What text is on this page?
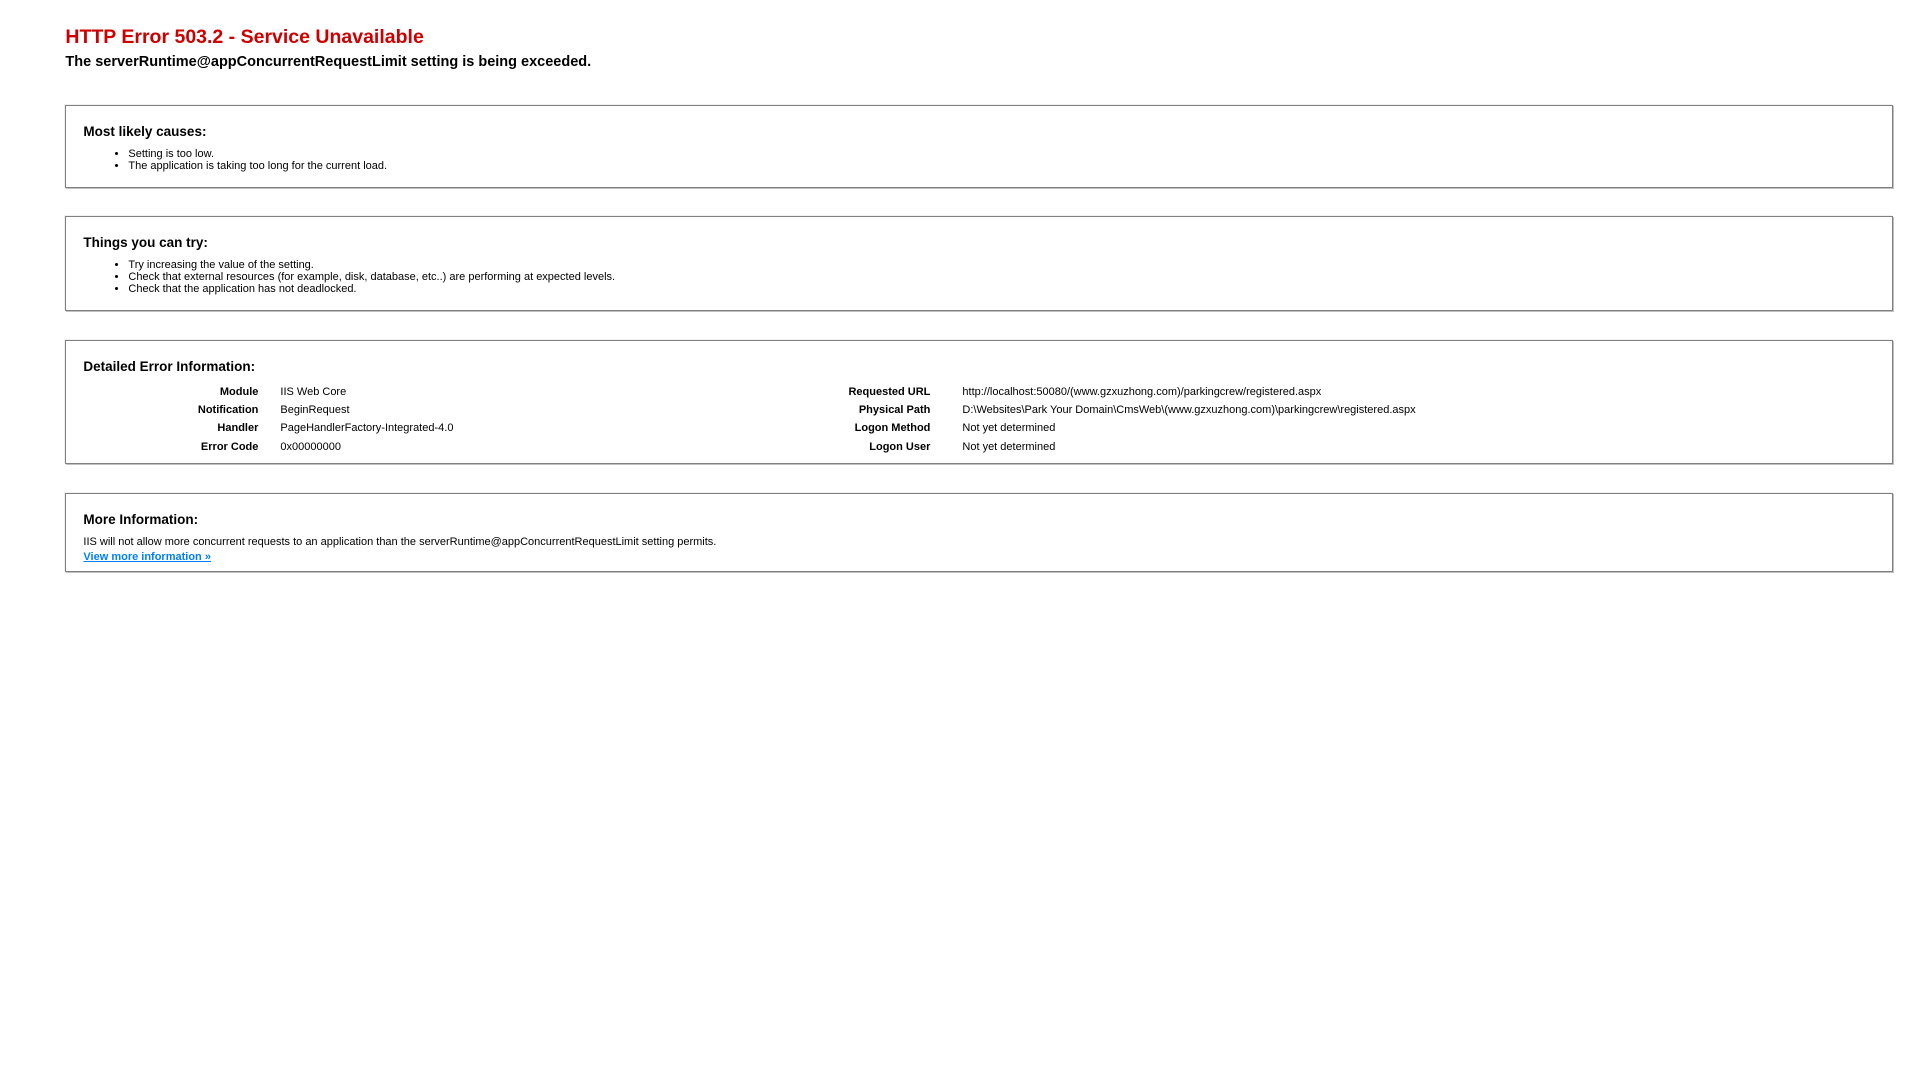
HTTP Error 503.2 - Service Unavailable
The serverRuntime@appConcurrentRequestLimit setting is being exceeded.
Most likely causes:
• Setting is too low.
• The application is taking too long for the current load.
Things you can try:
• Try increasing the value of the setting.
• Check that external resources (for example, disk, database, etc..) are performing at expected levels.
• Check that the application has not deadlocked.
Detailed Error Information:
Module		IIS Web Core	Requested URL		http://localhost:50080/(www.gzxuzhong.com)/parkingcrew/registered.aspx
Notification		BeginRequest	Physical Path		D:\Websites\Park Your Domain\CmsWeb\(www.gzxuzhong.com)\parkingcrew\registered.aspx
Handler		PageHandlerFactory-Integrated-4.0	Logon Method		Not yet determined
Error Code		0x00000000	Logon User		Not yet determined
More Information:

IIS will not allow more concurrent requests to an application than the serverRuntime@appConcurrentRequestLimit setting permits.

View more information »
